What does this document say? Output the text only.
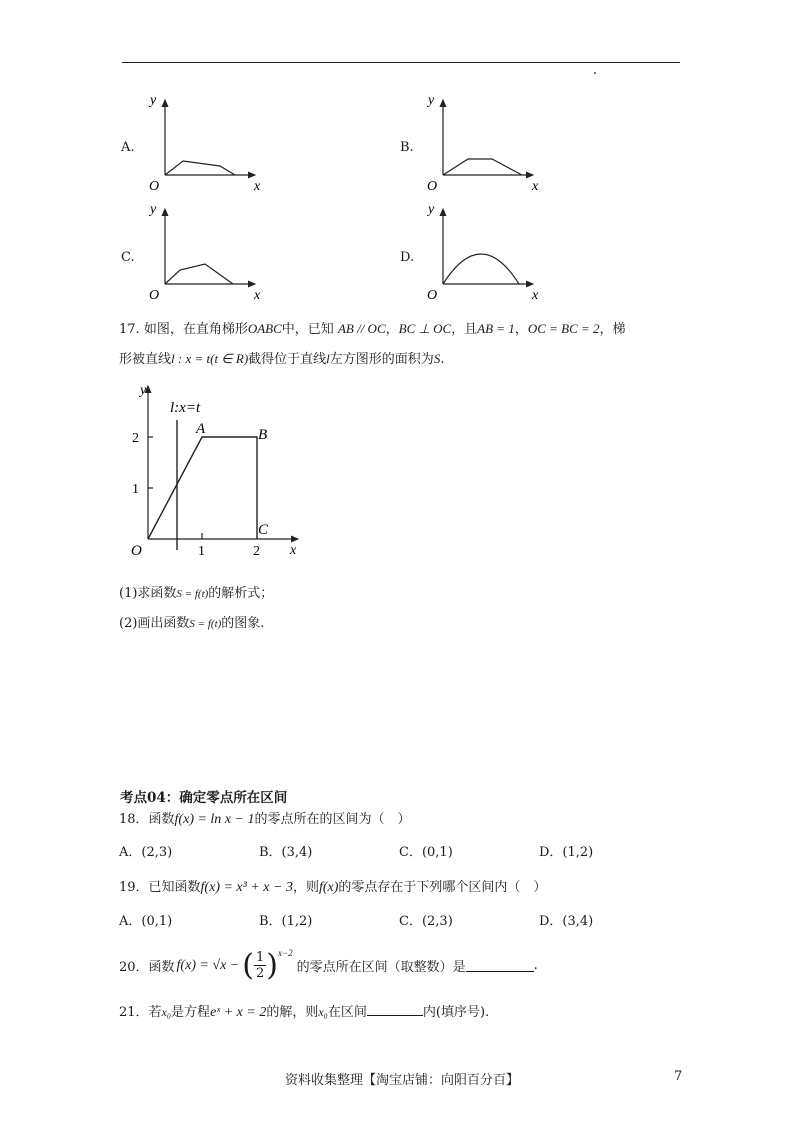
A.
y
O	x
B.
y
O	x
C.
y
O	x
D.
y
O	x
17. 如图，在直角梯形OABC中，已知 AB // OC，BC ⊥ OC，且AB = 1，OC = BC = 2，梯
形被直线l : x = t(t ∈ R)截得位于直线l左方图形的面积为S.
y
x
O
l:x=t
1	2
1
2
A	B
C
(1)求函数S = f(t)的解析式；
(2)画出函数S = f(t)的图象.
考点04：确定零点所在区间
18．函数f(x) = ln x − 1的零点所在的区间为（　）
A．(2,3)	B．(3,4)	C．(0,1)	D．(1,2)
19．已知函数f(x) = x³ + x − 3，则f(x)的零点存在于下列哪个区间内（　）
A．(0,1)	B．(1,2)	C．(2,3)	D．(3,4)
20．函数 f(x) = √x − ( $\frac{1}{2}$ ) x−2
的零点所在区间（取整数）是	.
21．若x₀是方程eˣ + x = 2的解，则x₀在区间	内(填序号).
资料收集整理【淘宝店铺：向阳百分百】	7
